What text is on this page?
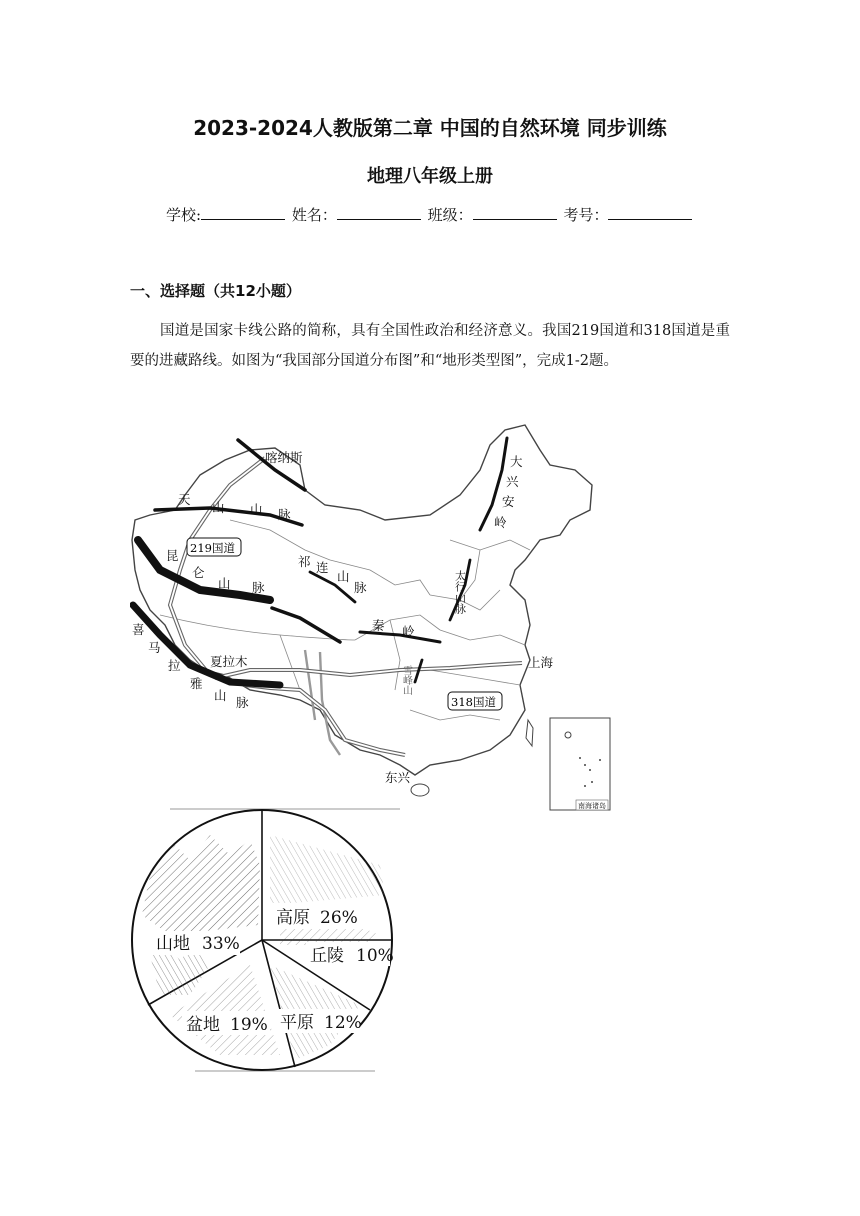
2023-2024人教版第二章 中国的自然环境 同步训练
地理八年级上册
学校:	姓名：	班级：	考号：
一、选择题（共12小题）
国道是国家卡线公路的简称，具有全国性政治和经济意义。我国219国道和318国道是重要的进藏路线。如图为“我国部分国道分布图”和“地形类型图”，完成1-2题。
喀纳斯
天
山 山 脉
昆
仑
山 脉
喜
马
拉
雅
山 脉
夏拉木
祁 连
山
脉
秦 岭
大
兴
安
岭
太行山脉
雪峰山
上海
东兴
南海诸岛
219国道
318国道
高原 26%
山地 33%
丘陵 10%
盆地 19% 平原 12%
